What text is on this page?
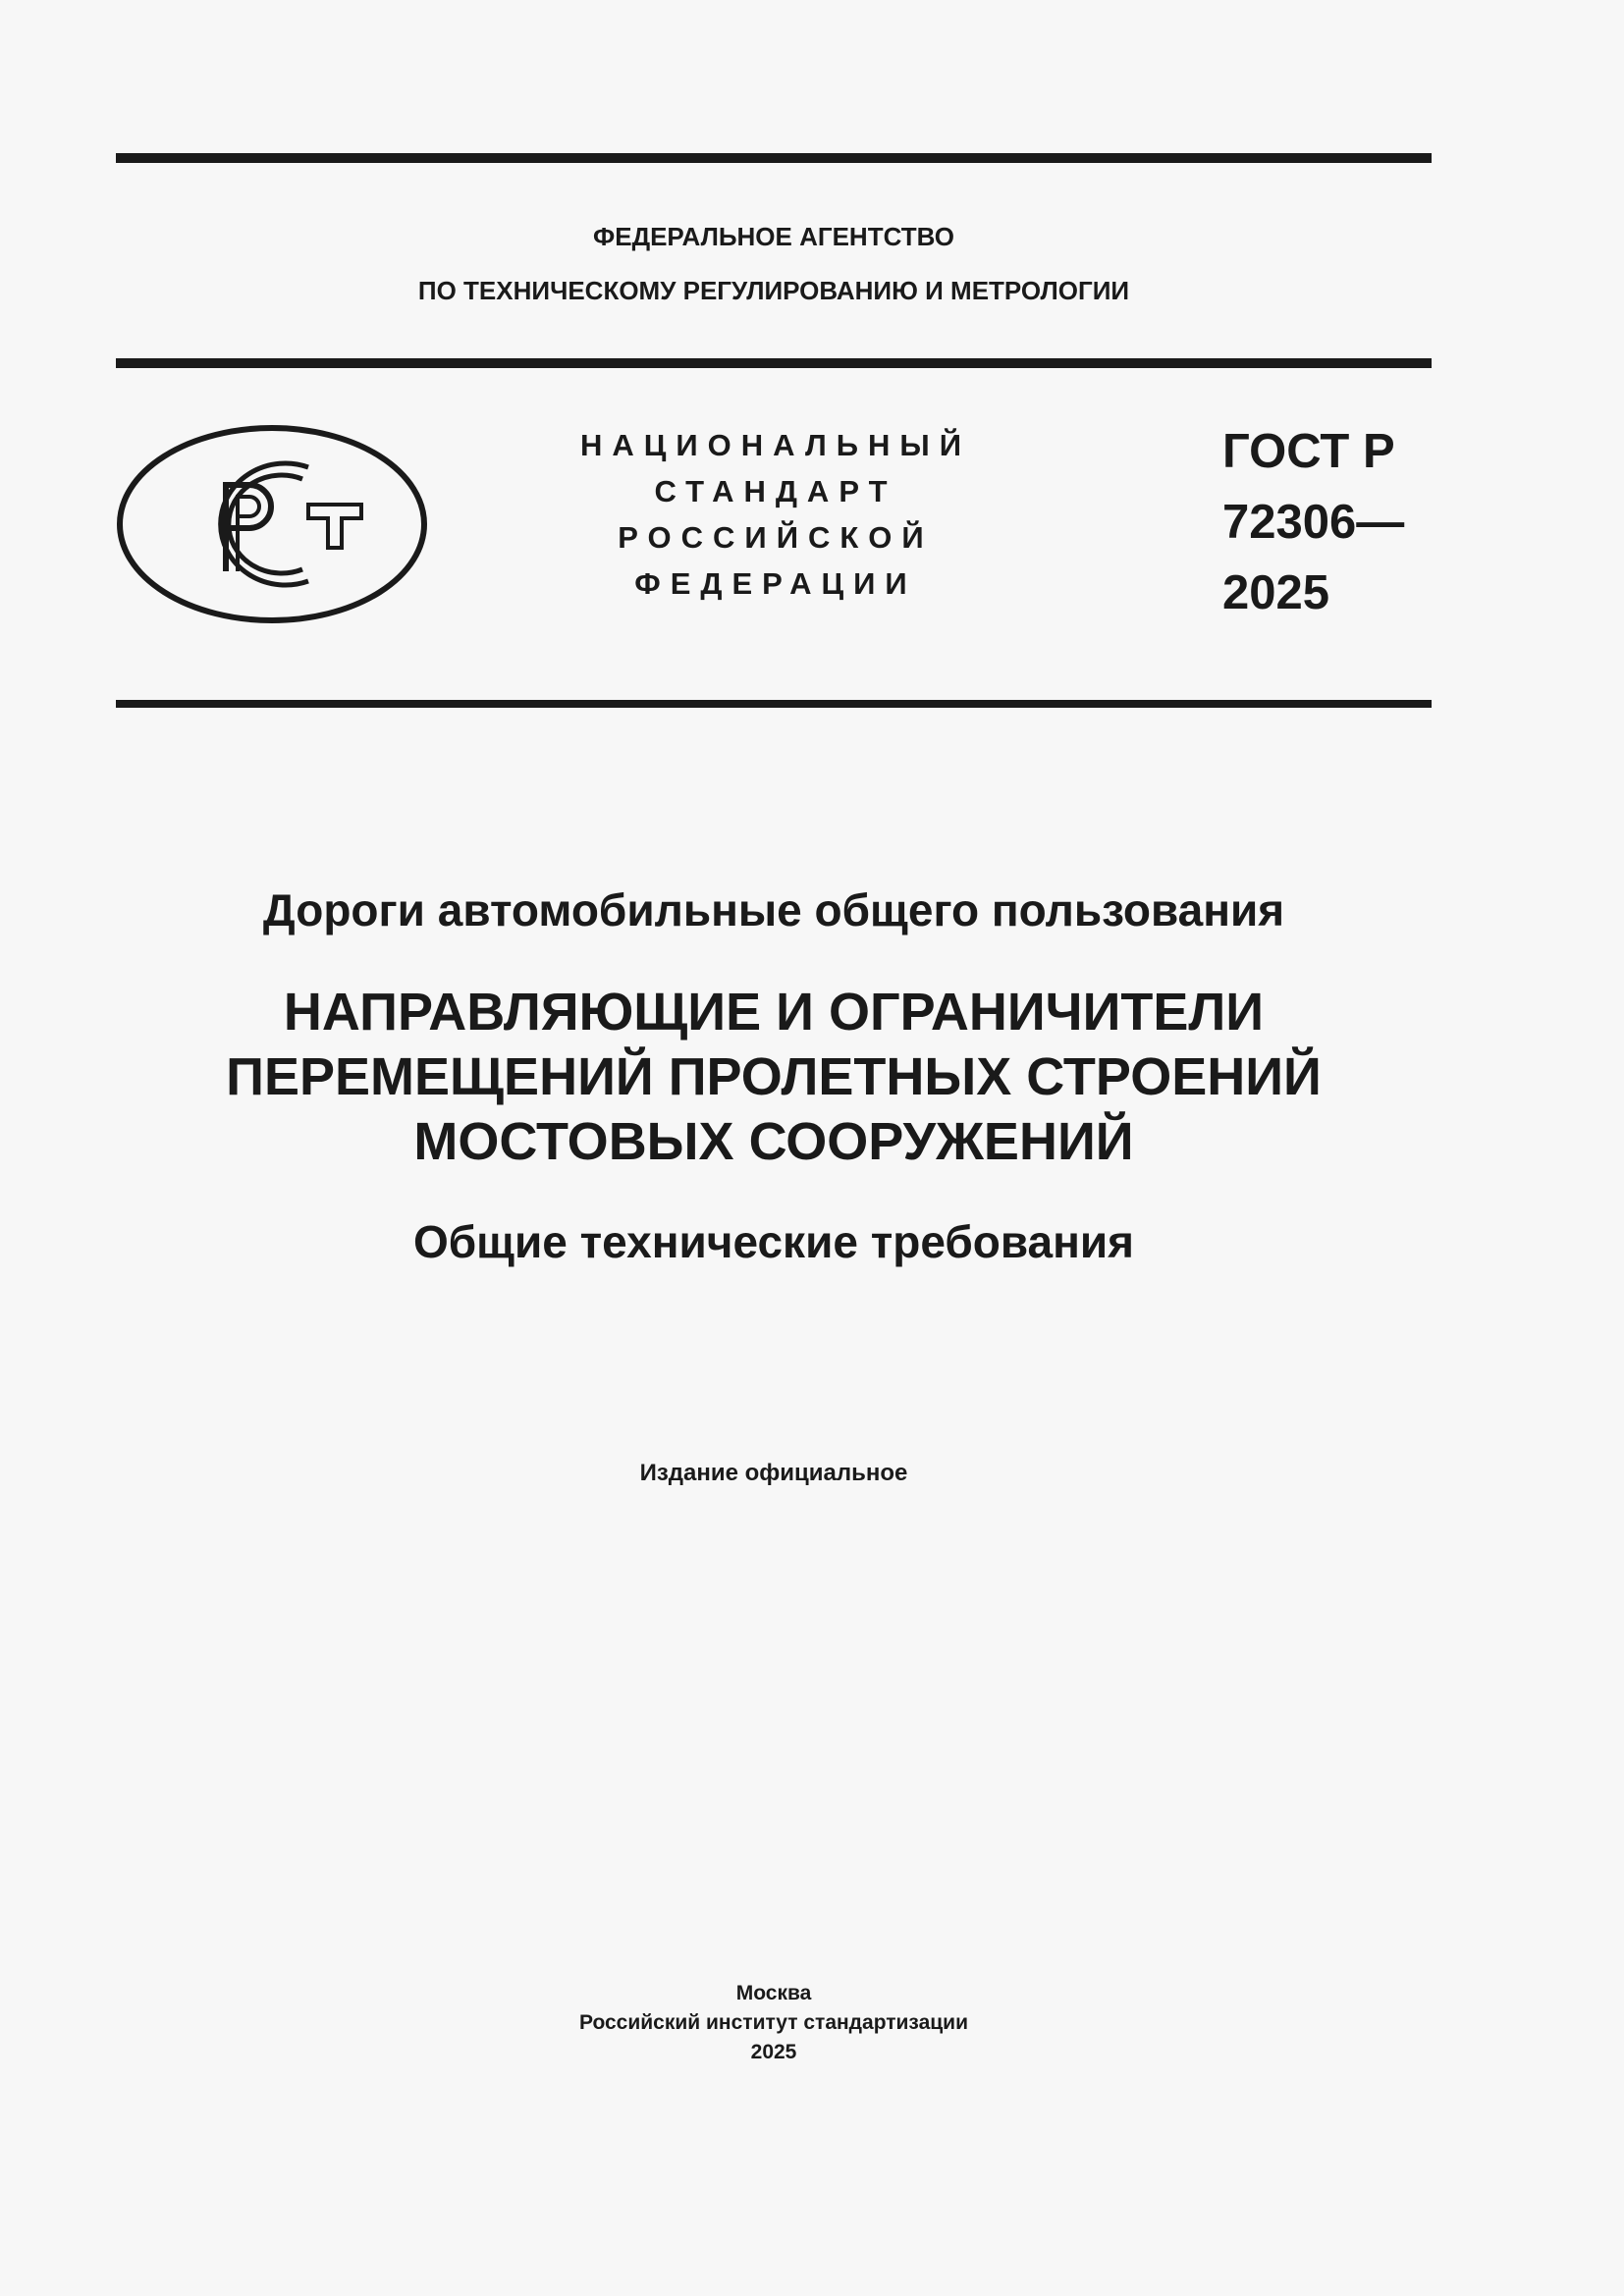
ФЕДЕРАЛЬНОЕ АГЕНТСТВО
ПО ТЕХНИЧЕСКОМУ РЕГУЛИРОВАНИЮ И МЕТРОЛОГИИ
НАЦИОНАЛЬНЫЙ
СТАНДАРТ
РОССИЙСКОЙ
ФЕДЕРАЦИИ
ГОСТ Р
72306—
2025
Дороги автомобильные общего пользования
НАПРАВЛЯЮЩИЕ И ОГРАНИЧИТЕЛИ
ПЕРЕМЕЩЕНИЙ ПРОЛЕТНЫХ СТРОЕНИЙ
МОСТОВЫХ СООРУЖЕНИЙ
Общие технические требования
Издание официальное
Москва
Российский институт стандартизации
2025
